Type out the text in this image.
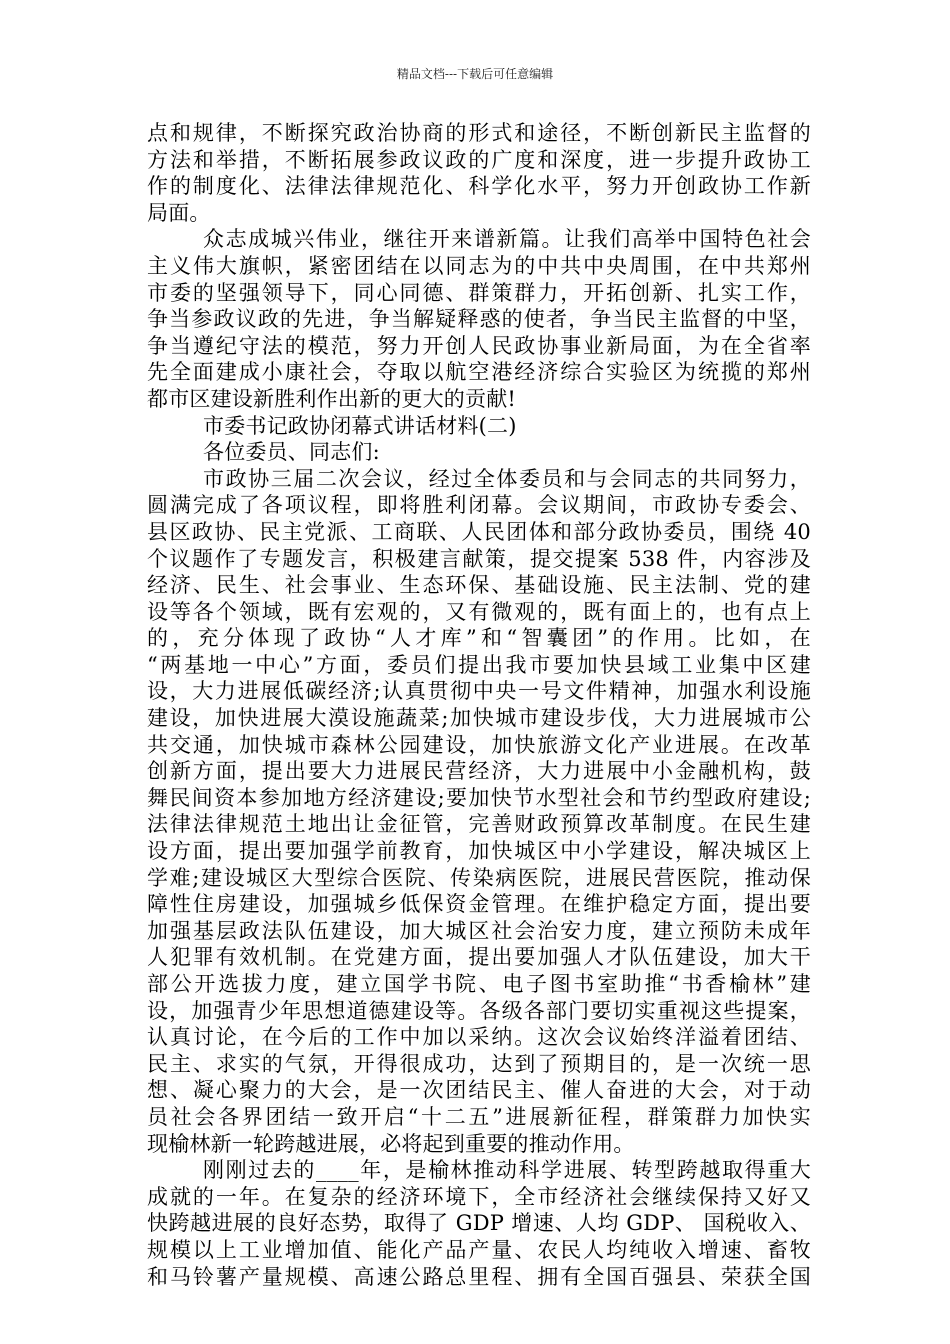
精品文档---下载后可任意编辑
点和规律，不断探究政治协商的形式和途径，不断创新民主监督的
方法和举措，不断拓展参政议政的广度和深度，进一步提升政协工
作的制度化、法律法律规范化、科学化水平，努力开创政协工作新
局面。
众志成城兴伟业，继往开来谱新篇。让我们高举中国特色社会
主义伟大旗帜，紧密团结在以同志为的中共中央周围，在中共郑州
市委的坚强领导下，同心同德、群策群力，开拓创新、扎实工作，
争当参政议政的先进，争当解疑释惑的使者，争当民主监督的中坚，
争当遵纪守法的模范，努力开创人民政协事业新局面，为在全省率
先全面建成小康社会，夺取以航空港经济综合实验区为统揽的郑州
都市区建设新胜利作出新的更大的贡献!
市委书记政协闭幕式讲话材料(二)
各位委员、同志们:
市政协三届二次会议，经过全体委员和与会同志的共同努力，
圆满完成了各项议程，即将胜利闭幕。会议期间，市政协专委会、
县区政协、民主党派、工商联、人民团体和部分政协委员，围绕 40
个议题作了专题发言，积极建言献策，提交提案 538 件，内容涉及
经济、民生、社会事业、生态环保、基础设施、民主法制、党的建
设等各个领域，既有宏观的，又有微观的，既有面上的，也有点上
的，充分体现了政协“人才库”和“智囊团”的作用。比如，在
“两基地一中心”方面，委员们提出我市要加快县域工业集中区建
设，大力进展低碳经济;认真贯彻中央一号文件精神，加强水利设施
建设，加快进展大漠设施蔬菜;加快城市建设步伐，大力进展城市公
共交通，加快城市森林公园建设，加快旅游文化产业进展。在改革
创新方面，提出要大力进展民营经济，大力进展中小金融机构，鼓
舞民间资本参加地方经济建设;要加快节水型社会和节约型政府建设;
法律法律规范土地出让金征管，完善财政预算改革制度。在民生建
设方面，提出要加强学前教育，加快城区中小学建设，解决城区上
学难;建设城区大型综合医院、传染病医院，进展民营医院，推动保
障性住房建设，加强城乡低保资金管理。在维护稳定方面，提出要
加强基层政法队伍建设，加大城区社会治安力度，建立预防未成年
人犯罪有效机制。在党建方面，提出要加强人才队伍建设，加大干
部公开选拔力度，建立国学书院、电子图书室助推“书香榆林”建
设，加强青少年思想道德建设等。各级各部门要切实重视这些提案，
认真讨论，在今后的工作中加以采纳。这次会议始终洋溢着团结、
民主、求实的气氛，开得很成功，达到了预期目的，是一次统一思
想、凝心聚力的大会，是一次团结民主、催人奋进的大会，对于动
员社会各界团结一致开启“十二五”进展新征程，群策群力加快实
现榆林新一轮跨越进展，必将起到重要的推动作用。
刚刚过去的____年，是榆林推动科学进展、转型跨越取得重大
成就的一年。在复杂的经济环境下，全市经济社会继续保持又好又
快跨越进展的良好态势，取得了 GDP 增速、人均 GDP、 国税收入、
规模以上工业增加值、能化产品产量、农民人均纯收入增速、畜牧
和马铃薯产量规模、高速公路总里程、拥有全国百强县、荣获全国
